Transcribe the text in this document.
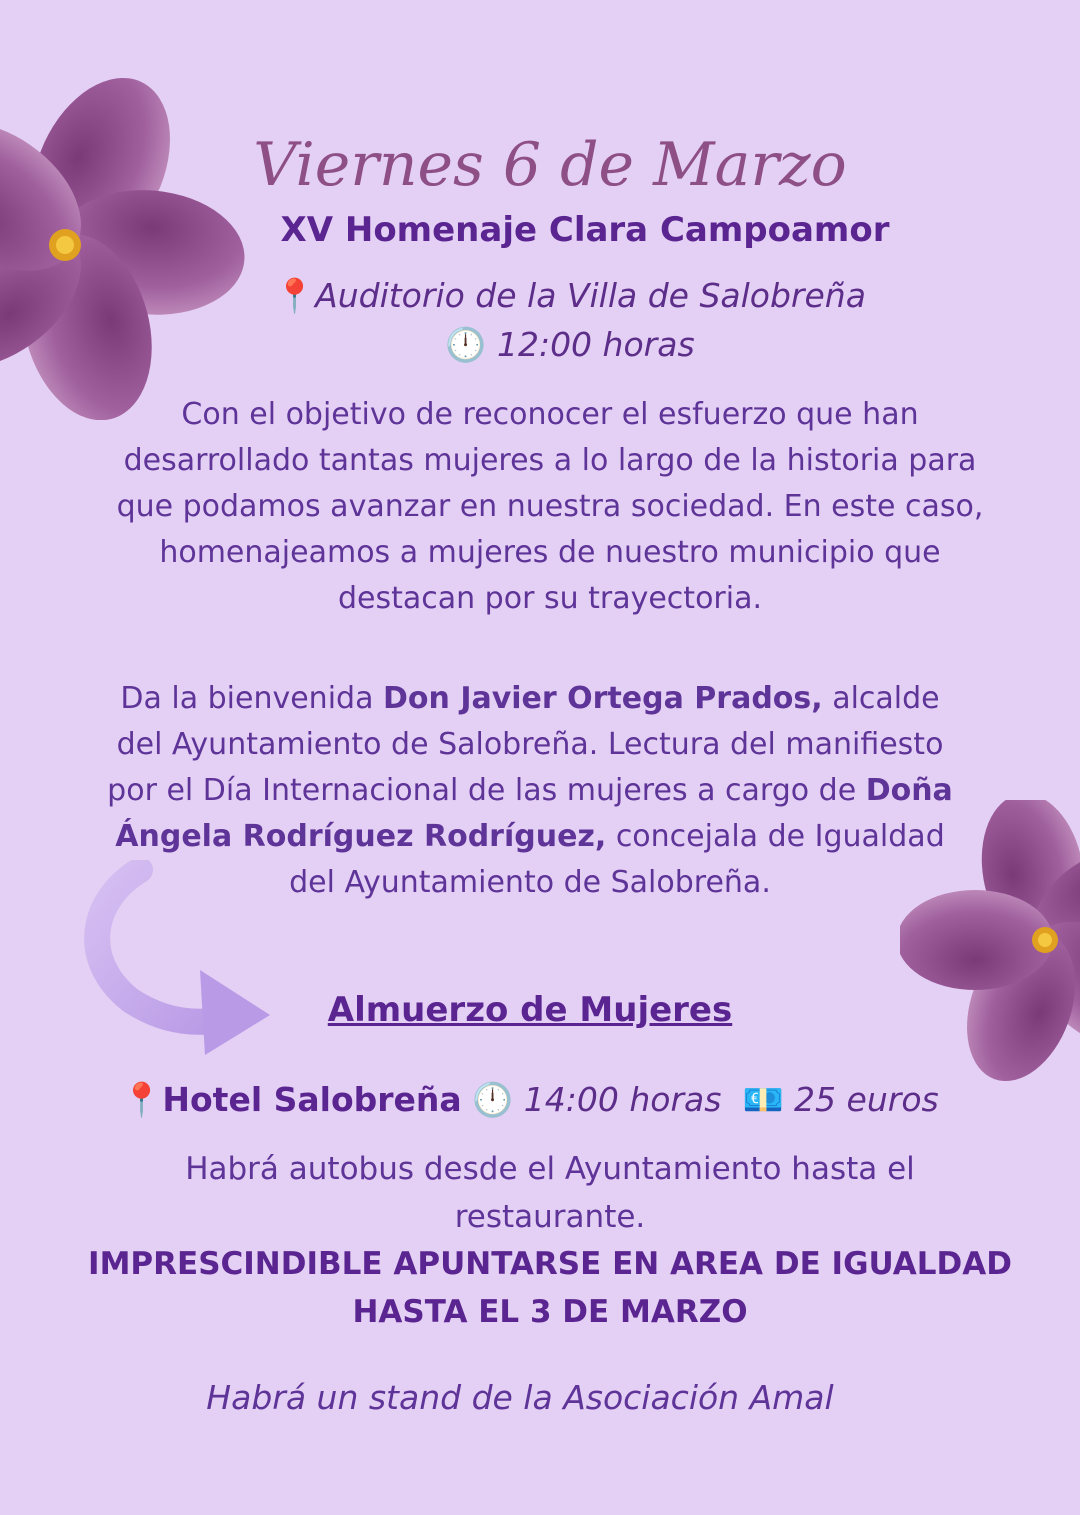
Viernes 6 de Marzo
XV Homenaje Clara Campoamor
📍Auditorio de la Villa de Salobreña
🕛 12:00 horas
Con el objetivo de reconocer el esfuerzo que han desarrollado tantas mujeres a lo largo de la historia para que podamos avanzar en nuestra sociedad. En este caso, homenajeamos a mujeres de nuestro municipio que destacan por su trayectoria.
Da la bienvenida Don Javier Ortega Prados, alcalde del Ayuntamiento de Salobreña. Lectura del manifiesto por el Día Internacional de las mujeres a cargo de Doña Ángela Rodríguez Rodríguez, concejala de Igualdad del Ayuntamiento de Salobreña.
Almuerzo de Mujeres
📍Hotel Salobreña 🕛 14:00 horas 💶 25 euros
Habrá autobus desde el Ayuntamiento hasta el restaurante.
IMPRESCINDIBLE APUNTARSE EN AREA DE IGUALDAD HASTA EL 3 DE MARZO
Habrá un stand de la Asociación Amal
